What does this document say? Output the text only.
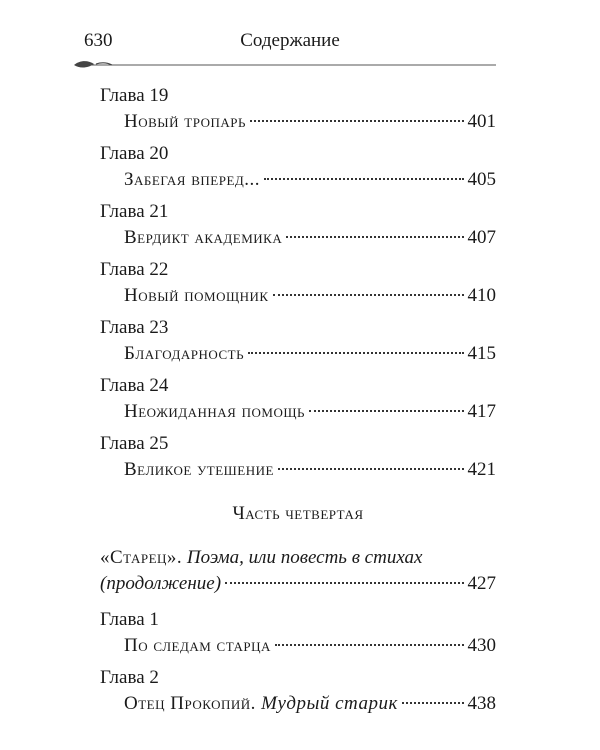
630	Содержание
Глава 19
Новый тропарь	401
Глава 20
Забегая вперед...	405
Глава 21
Вердикт академика	407
Глава 22
Новый помощник	410
Глава 23
Благодарность	415
Глава 24
Неожиданная помощь	417
Глава 25
Великое утешение	421
Часть четвертая
«Старец». Поэма, или повесть в стихах
(продолжение)	427
Глава 1
По следам старца	430
Глава 2
Отец Прокопий. Мудрый старик	438
